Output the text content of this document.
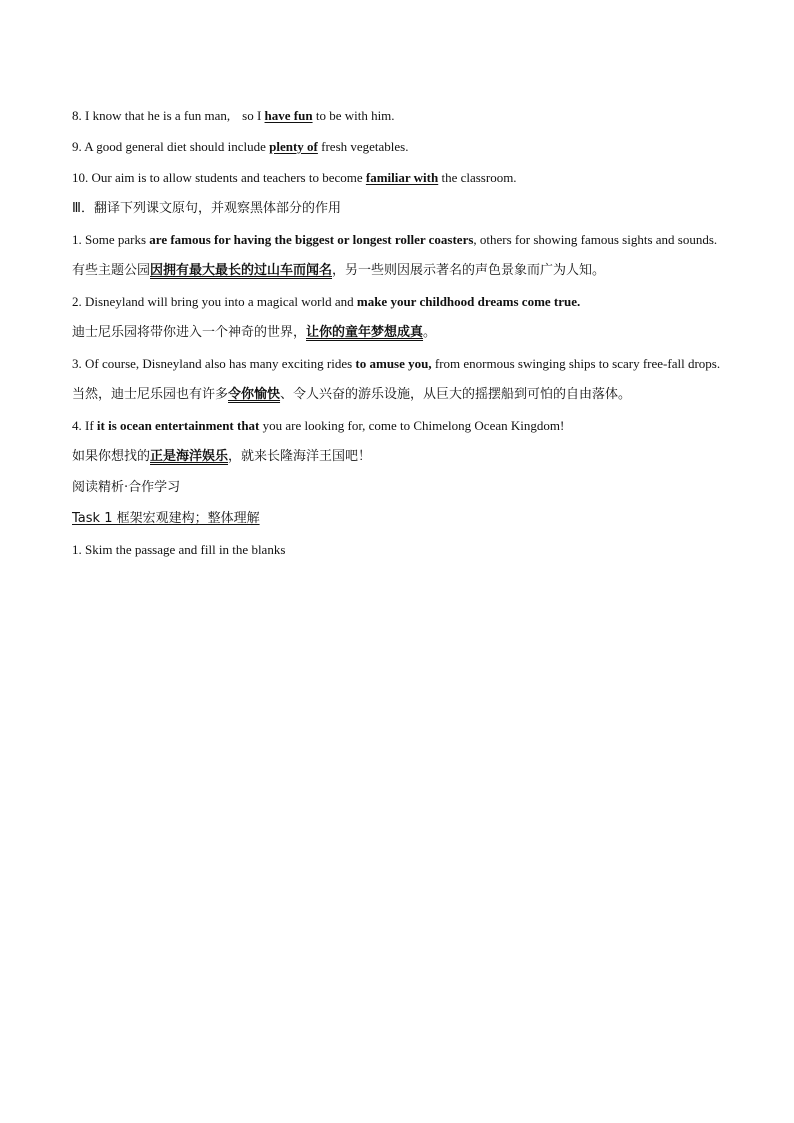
8. I know that he is a fun man, so I have fun to be with him.

9. A good general diet should include plenty of fresh vegetables.

10. Our aim is to allow students and teachers to become familiar with the classroom.

Ⅲ．翻译下列课文原句，并观察黑体部分的作用

1. Some parks are famous for having the biggest or longest roller coasters, others for showing famous sights and sounds.

有些主题公园因拥有最大最长的过山车而闻名，另一些则因展示著名的声色景象而广为人知。

2. Disneyland will bring you into a magical world and make your childhood dreams come true.

迪士尼乐园将带你进入一个神奇的世界，让你的童年梦想成真。

3. Of course, Disneyland also has many exciting rides to amuse you, from enormous swinging ships to scary free-fall drops.

当然，迪士尼乐园也有许多令你愉快、令人兴奋的游乐设施，从巨大的摇摆船到可怕的自由落体。

4. If it is ocean entertainment that you are looking for, come to Chimelong Ocean Kingdom!

如果你想找的正是海洋娱乐，就来长隆海洋王国吧！

阅读精析·合作学习

Task 1 框架宏观建构；整体理解

1. Skim the passage and fill in the blanks
